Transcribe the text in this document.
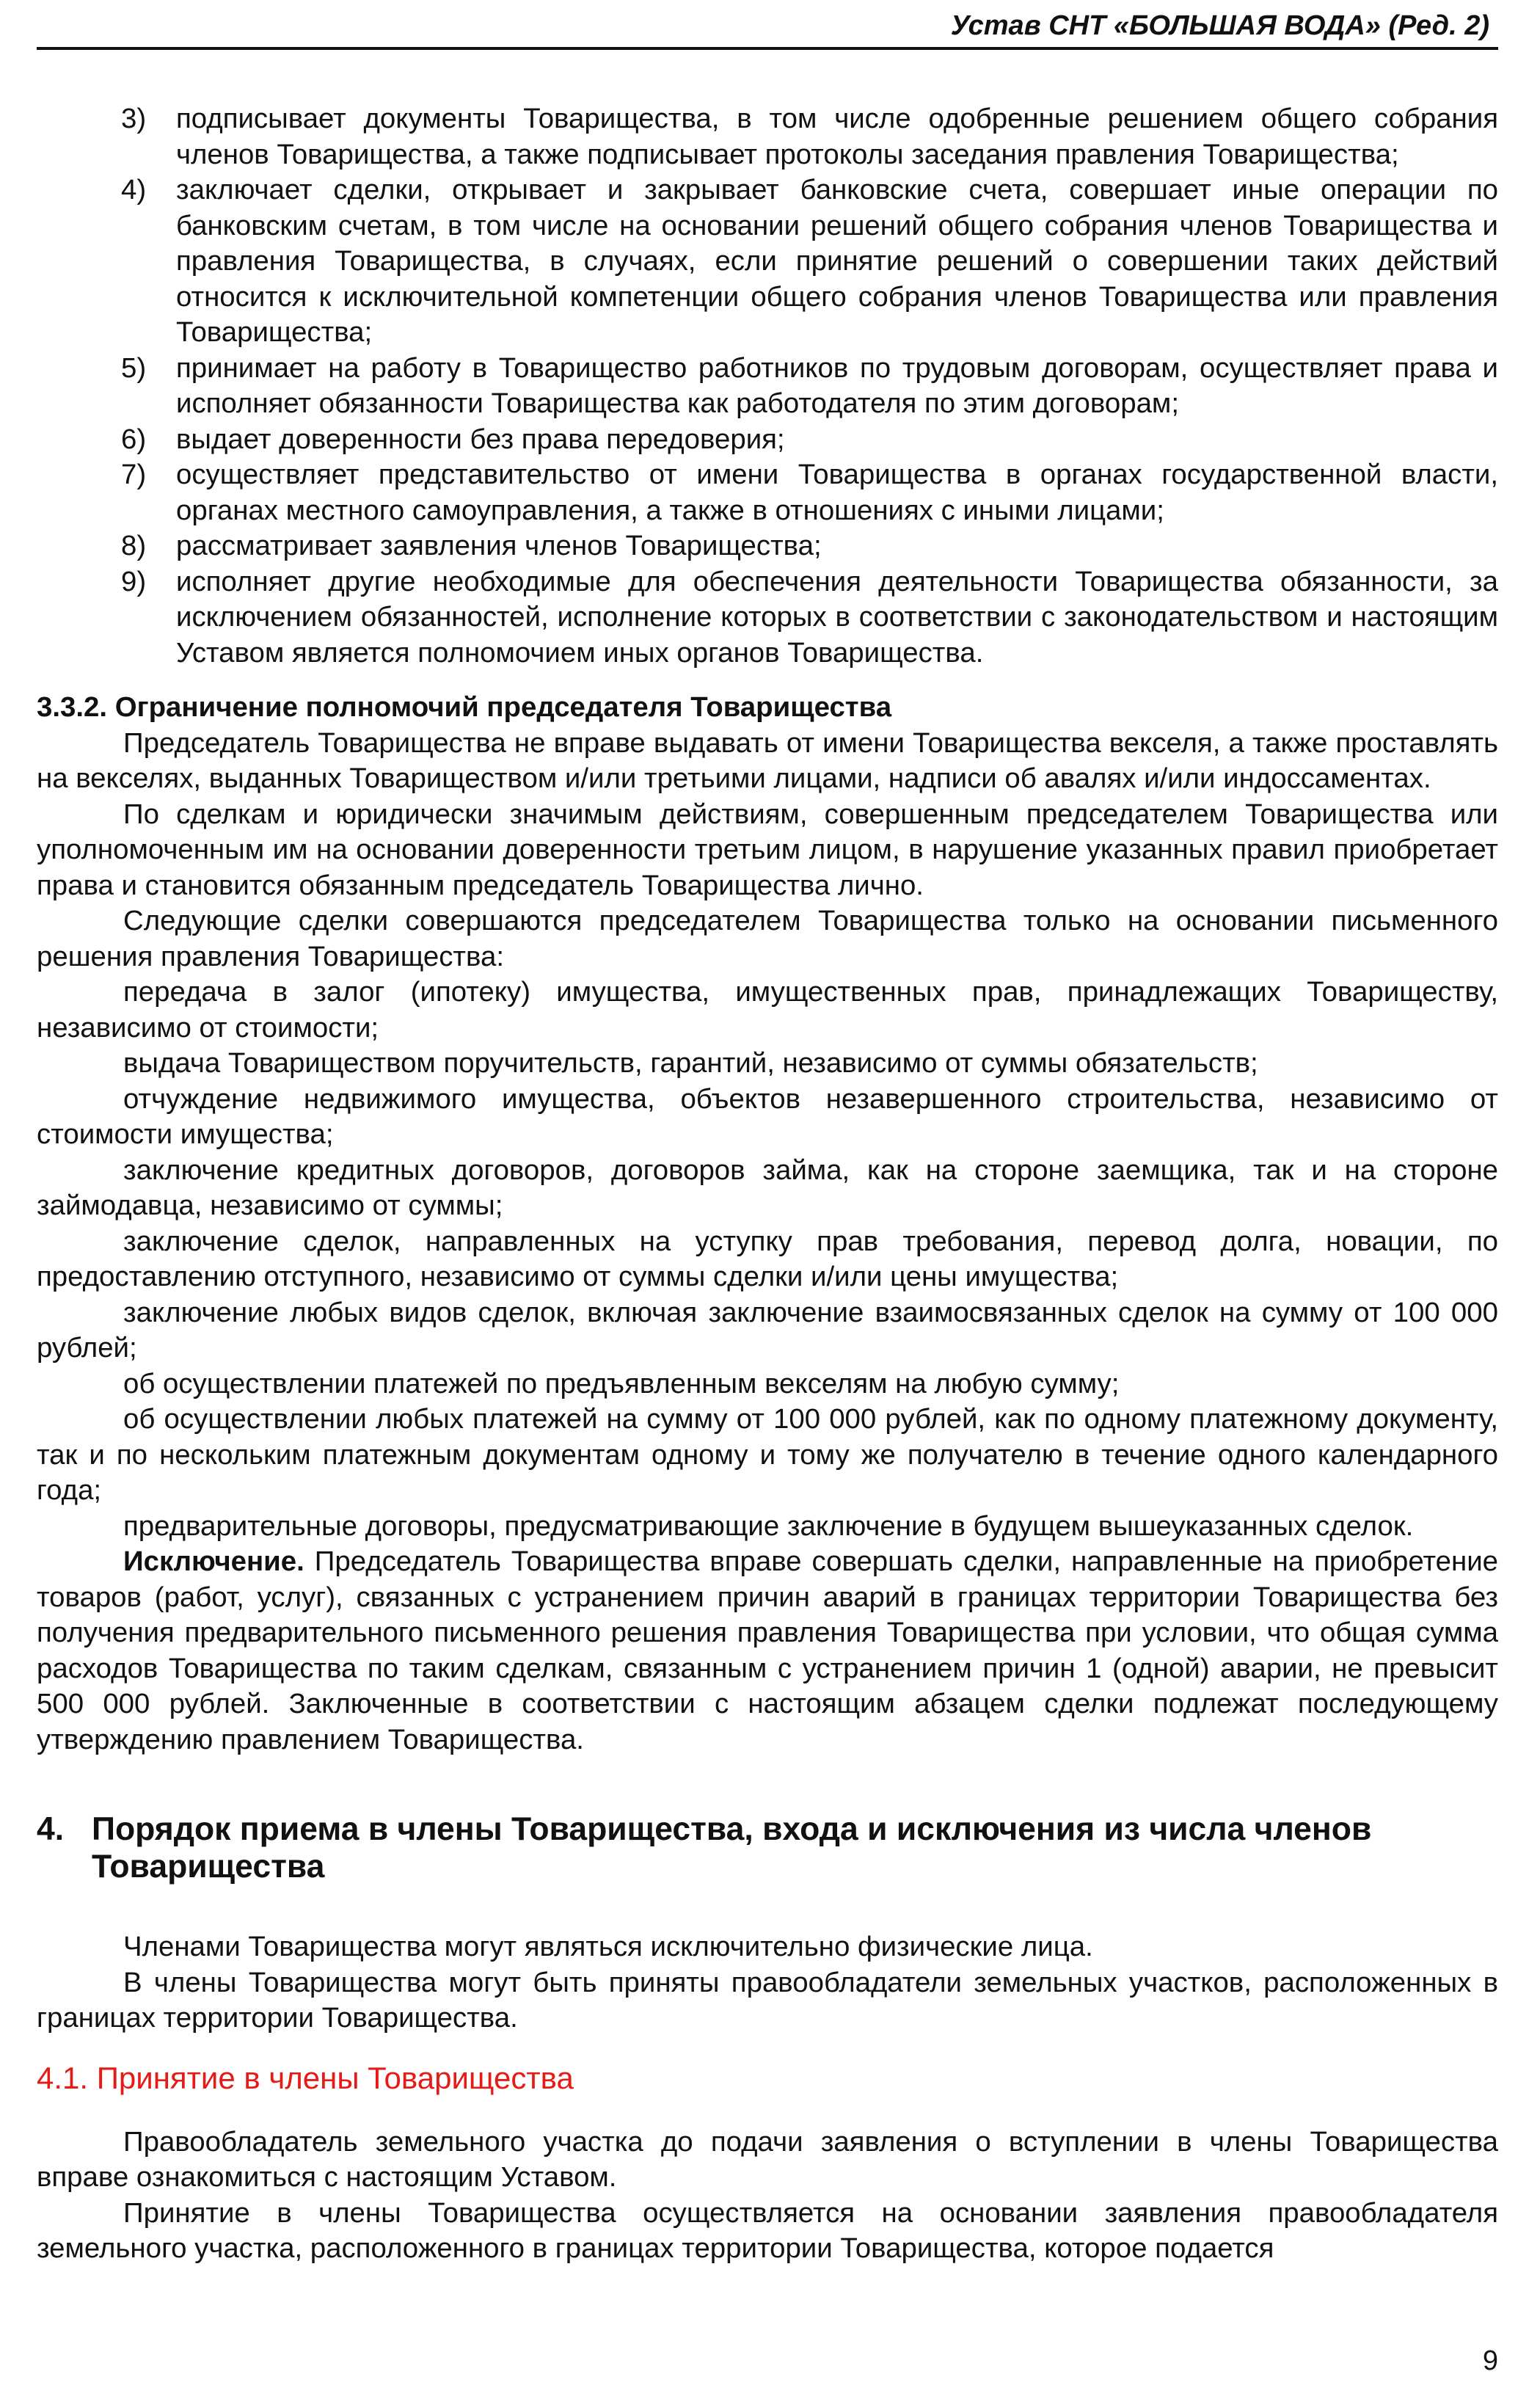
Устав СНТ «БОЛЬШАЯ ВОДА» (Ред. 2)

3) подписывает документы Товарищества, в том числе одобренные решением общего собрания членов Товарищества, а также подписывает протоколы заседания правления Товарищества;

4) заключает сделки, открывает и закрывает банковские счета, совершает иные операции по банковским счетам, в том числе на основании решений общего собрания членов Товарищества и правления Товарищества, в случаях, если принятие решений о совершении таких действий относится к исключительной компетенции общего собрания членов Товарищества или правления Товарищества;

5) принимает на работу в Товарищество работников по трудовым договорам, осуществляет права и исполняет обязанности Товарищества как работодателя по этим договорам;

6) выдает доверенности без права передоверия;

7) осуществляет представительство от имени Товарищества в органах государственной власти, органах местного самоуправления, а также в отношениях с иными лицами;

8) рассматривает заявления членов Товарищества;

9) исполняет другие необходимые для обеспечения деятельности Товарищества обязанности, за исключением обязанностей, исполнение которых в соответствии с законодательством и настоящим Уставом является полномочием иных органов Товарищества.

3.3.2. Ограничение полномочий председателя Товарищества

Председатель Товарищества не вправе выдавать от имени Товарищества векселя, а также проставлять на векселях, выданных Товариществом и/или третьими лицами, надписи об авалях и/или индоссаментах.

По сделкам и юридически значимым действиям, совершенным председателем Товарищества или уполномоченным им на основании доверенности третьим лицом, в нарушение указанных правил приобретает права и становится обязанным председатель Товарищества лично.

Следующие сделки совершаются председателем Товарищества только на основании письменного решения правления Товарищества:

передача в залог (ипотеку) имущества, имущественных прав, принадлежащих Товариществу, независимо от стоимости;

выдача Товариществом поручительств, гарантий, независимо от суммы обязательств;

отчуждение недвижимого имущества, объектов незавершенного строительства, независимо от стоимости имущества;

заключение кредитных договоров, договоров займа, как на стороне заемщика, так и на стороне займодавца, независимо от суммы;

заключение сделок, направленных на уступку прав требования, перевод долга, новации, по предоставлению отступного, независимо от суммы сделки и/или цены имущества;

заключение любых видов сделок, включая заключение взаимосвязанных сделок на сумму от 100 000 рублей;

об осуществлении платежей по предъявленным векселям на любую сумму;

об осуществлении любых платежей на сумму от 100 000 рублей, как по одному платежному документу, так и по нескольким платежным документам одному и тому же получателю в течение одного календарного года;

предварительные договоры, предусматривающие заключение в будущем вышеуказанных сделок.

Исключение. Председатель Товарищества вправе совершать сделки, направленные на приобретение товаров (работ, услуг), связанных с устранением причин аварий в границах территории Товарищества без получения предварительного письменного решения правления Товарищества при условии, что общая сумма расходов Товарищества по таким сделкам, связанным с устранением причин 1 (одной) аварии, не превысит 500 000 рублей. Заключенные в соответствии с настоящим абзацем сделки подлежат последующему утверждению правлением Товарищества.

4. Порядок приема в члены Товарищества, входа и исключения из числа членов Товарищества

Членами Товарищества могут являться исключительно физические лица.

В члены Товарищества могут быть приняты правообладатели земельных участков, расположенных в границах территории Товарищества.

4.1. Принятие в члены Товарищества

Правообладатель земельного участка до подачи заявления о вступлении в члены Товарищества вправе ознакомиться с настоящим Уставом.

Принятие в члены Товарищества осуществляется на основании заявления правообладателя земельного участка, расположенного в границах территории Товарищества, которое подается

9
